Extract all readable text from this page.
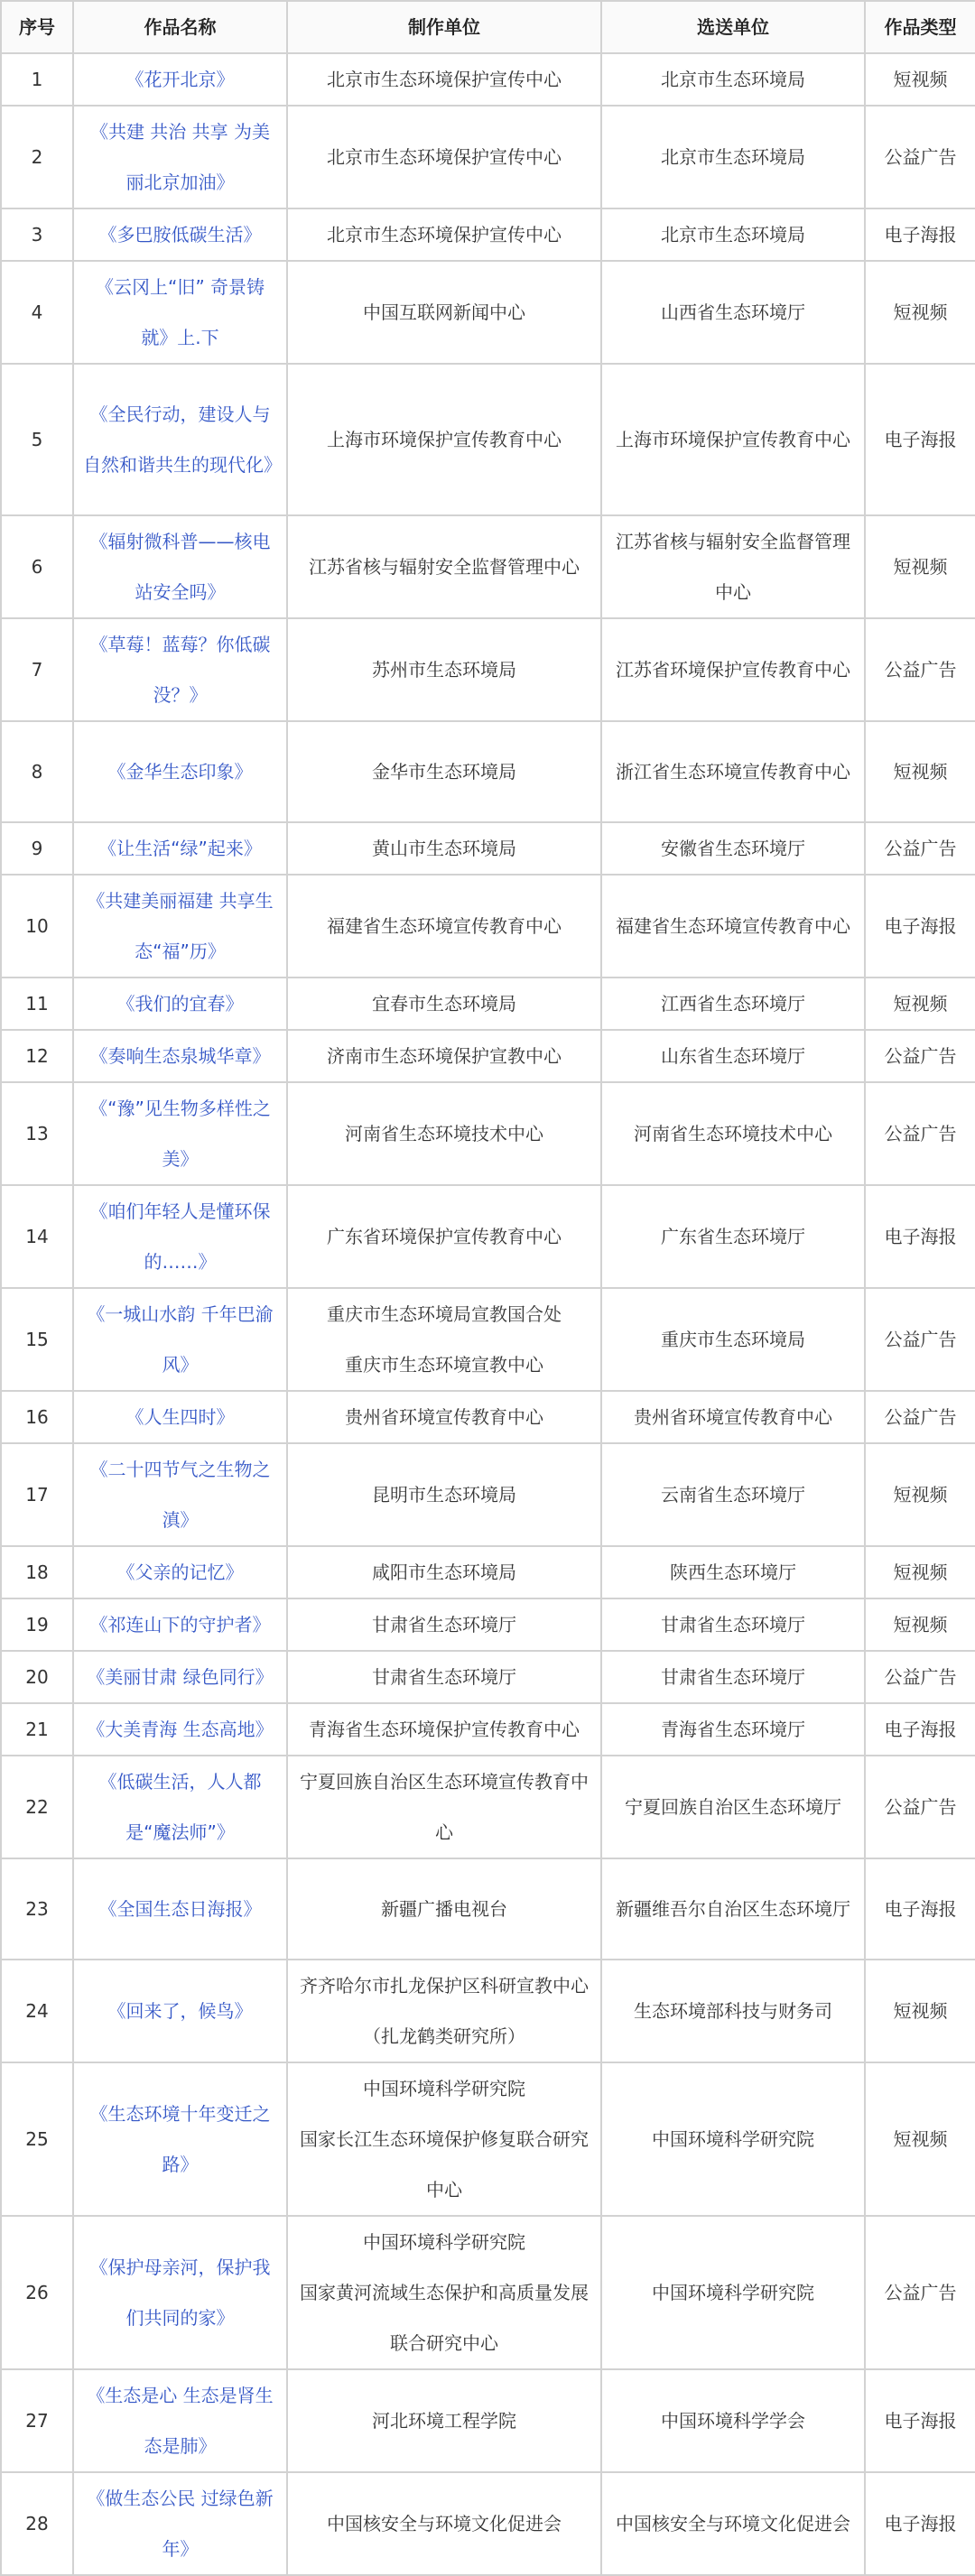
序号	作品名称	制作单位	选送单位	作品类型
1	《花开北京》	北京市生态环境保护宣传中心	北京市生态环境局	短视频
2	《共建 共治 共享 为美丽北京加油》	北京市生态环境保护宣传中心	北京市生态环境局	公益广告
3	《多巴胺低碳生活》	北京市生态环境保护宣传中心	北京市生态环境局	电子海报
4	《云冈上“旧” 奇景铸就》上.下	中国互联网新闻中心	山西省生态环境厅	短视频
5	《全民行动，建设人与自然和谐共生的现代化》	上海市环境保护宣传教育中心	上海市环境保护宣传教育中心	电子海报
6	《辐射微科普——核电站安全吗》	江苏省核与辐射安全监督管理中心	江苏省核与辐射安全监督管理中心	短视频
7	《草莓！蓝莓？你低碳没？》	苏州市生态环境局	江苏省环境保护宣传教育中心	公益广告
8	《金华生态印象》	金华市生态环境局	浙江省生态环境宣传教育中心	短视频
9	《让生活“绿”起来》	黄山市生态环境局	安徽省生态环境厅	公益广告
10	《共建美丽福建 共享生态“福”历》	福建省生态环境宣传教育中心	福建省生态环境宣传教育中心	电子海报
11	《我们的宜春》	宜春市生态环境局	江西省生态环境厅	短视频
12	《奏响生态泉城华章》	济南市生态环境保护宣教中心	山东省生态环境厅	公益广告
13	《“豫”见生物多样性之美》	河南省生态环境技术中心	河南省生态环境技术中心	公益广告
14	《咱们年轻人是懂环保的……》	广东省环境保护宣传教育中心	广东省生态环境厅	电子海报
15	《一城山水韵 千年巴渝风》	重庆市生态环境局宣教国合处
重庆市生态环境宣教中心	重庆市生态环境局	公益广告
16	《人生四时》	贵州省环境宣传教育中心	贵州省环境宣传教育中心	公益广告
17	《二十四节气之生物之滇》	昆明市生态环境局	云南省生态环境厅	短视频
18	《父亲的记忆》	咸阳市生态环境局	陕西生态环境厅	短视频
19	《祁连山下的守护者》	甘肃省生态环境厅	甘肃省生态环境厅	短视频
20	《美丽甘肃 绿色同行》	甘肃省生态环境厅	甘肃省生态环境厅	公益广告
21	《大美青海 生态高地》	青海省生态环境保护宣传教育中心	青海省生态环境厅	电子海报
22	《低碳生活，人人都是“魔法师”》	宁夏回族自治区生态环境宣传教育中心	宁夏回族自治区生态环境厅	公益广告
23	《全国生态日海报》	新疆广播电视台	新疆维吾尔自治区生态环境厅	电子海报
24	《回来了，候鸟》	齐齐哈尔市扎龙保护区科研宣教中心（扎龙鹤类研究所）	生态环境部科技与财务司	短视频
25	《生态环境十年变迁之路》	中国环境科学研究院
国家长江生态环境保护修复联合研究中心	中国环境科学研究院	短视频
26	《保护母亲河，保护我们共同的家》	中国环境科学研究院
国家黄河流域生态保护和高质量发展联合研究中心	中国环境科学研究院	公益广告
27	《生态是心 生态是肾生态是肺》	河北环境工程学院	中国环境科学学会	电子海报
28	《做生态公民 过绿色新年》	中国核安全与环境文化促进会	中国核安全与环境文化促进会	电子海报
